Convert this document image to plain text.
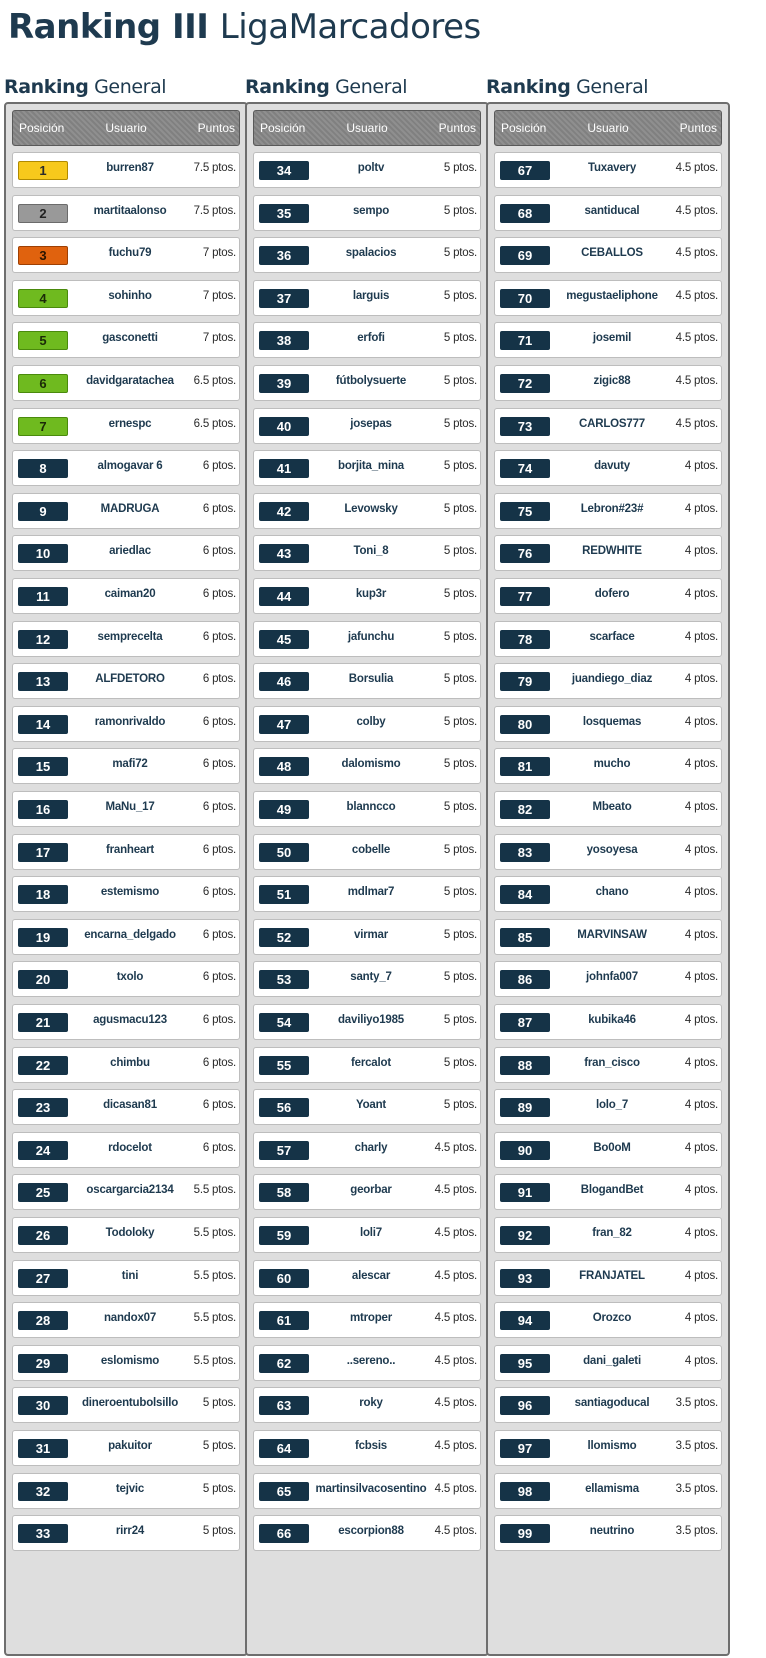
Ranking III LigaMarcadores
Ranking General
Usuario
Posición	Puntos
1	burren87	7.5 ptos.
2	martitaalonso	7.5 ptos.
3	fuchu79	7 ptos.
4	sohinho	7 ptos.
5	gasconetti	7 ptos.
6	davidgaratachea	6.5 ptos.
7	ernespc	6.5 ptos.
8	almogavar 6	6 ptos.
9	MADRUGA	6 ptos.
10	ariedlac	6 ptos.
11	caiman20	6 ptos.
12	semprecelta	6 ptos.
13	ALFDETORO	6 ptos.
14	ramonrivaldo	6 ptos.
15	mafi72	6 ptos.
16	MaNu_17	6 ptos.
17	franheart	6 ptos.
18	estemismo	6 ptos.
19	encarna_delgado	6 ptos.
20	txolo	6 ptos.
21	agusmacu123	6 ptos.
22	chimbu	6 ptos.
23	dicasan81	6 ptos.
24	rdocelot	6 ptos.
25	oscargarcia2134	5.5 ptos.
26	Todoloky	5.5 ptos.
27	tini	5.5 ptos.
28	nandox07	5.5 ptos.
29	eslomismo	5.5 ptos.
30	dineroentubolsillo	5 ptos.
31	pakuitor	5 ptos.
32	tejvic	5 ptos.
33	rirr24	5 ptos.
Ranking General
Usuario
Posición	Puntos
34	poltv	5 ptos.
35	sempo	5 ptos.
36	spalacios	5 ptos.
37	larguis	5 ptos.
38	erfofi	5 ptos.
39	fútbolysuerte	5 ptos.
40	josepas	5 ptos.
41	borjita_mina	5 ptos.
42	Levowsky	5 ptos.
43	Toni_8	5 ptos.
44	kup3r	5 ptos.
45	jafunchu	5 ptos.
46	Borsulia	5 ptos.
47	colby	5 ptos.
48	dalomismo	5 ptos.
49	blanncco	5 ptos.
50	cobelle	5 ptos.
51	mdlmar7	5 ptos.
52	virmar	5 ptos.
53	santy_7	5 ptos.
54	daviliyo1985	5 ptos.
55	fercalot	5 ptos.
56	Yoant	5 ptos.
57	charly	4.5 ptos.
58	georbar	4.5 ptos.
59	loli7	4.5 ptos.
60	alescar	4.5 ptos.
61	mtroper	4.5 ptos.
62	..sereno..	4.5 ptos.
63	roky	4.5 ptos.
64	fcbsis	4.5 ptos.
65	martinsilvacosentino 4.5 ptos.
66	escorpion88	4.5 ptos.
Ranking General
Usuario
Posición	Puntos
67	Tuxavery	4.5 ptos.
68	santiducal	4.5 ptos.
69	CEBALLOS	4.5 ptos.
70	megustaeliphone	4.5 ptos.
71	josemil	4.5 ptos.
72	zigic88	4.5 ptos.
73	CARLOS777	4.5 ptos.
74	davuty	4 ptos.
75	Lebron#23#	4 ptos.
76	REDWHITE	4 ptos.
77	dofero	4 ptos.
78	scarface	4 ptos.
79	juandiego_diaz	4 ptos.
80	losquemas	4 ptos.
81	mucho	4 ptos.
82	Mbeato	4 ptos.
83	yosoyesa	4 ptos.
84	chano	4 ptos.
85	MARVINSAW	4 ptos.
86	johnfa007	4 ptos.
87	kubika46	4 ptos.
88	fran_cisco	4 ptos.
89	lolo_7	4 ptos.
90	Bo0oM	4 ptos.
91	BlogandBet	4 ptos.
92	fran_82	4 ptos.
93	FRANJATEL	4 ptos.
94	Orozco	4 ptos.
95	dani_galeti	4 ptos.
96	santiagoducal	3.5 ptos.
97	llomismo	3.5 ptos.
98	ellamisma	3.5 ptos.
99	neutrino	3.5 ptos.
